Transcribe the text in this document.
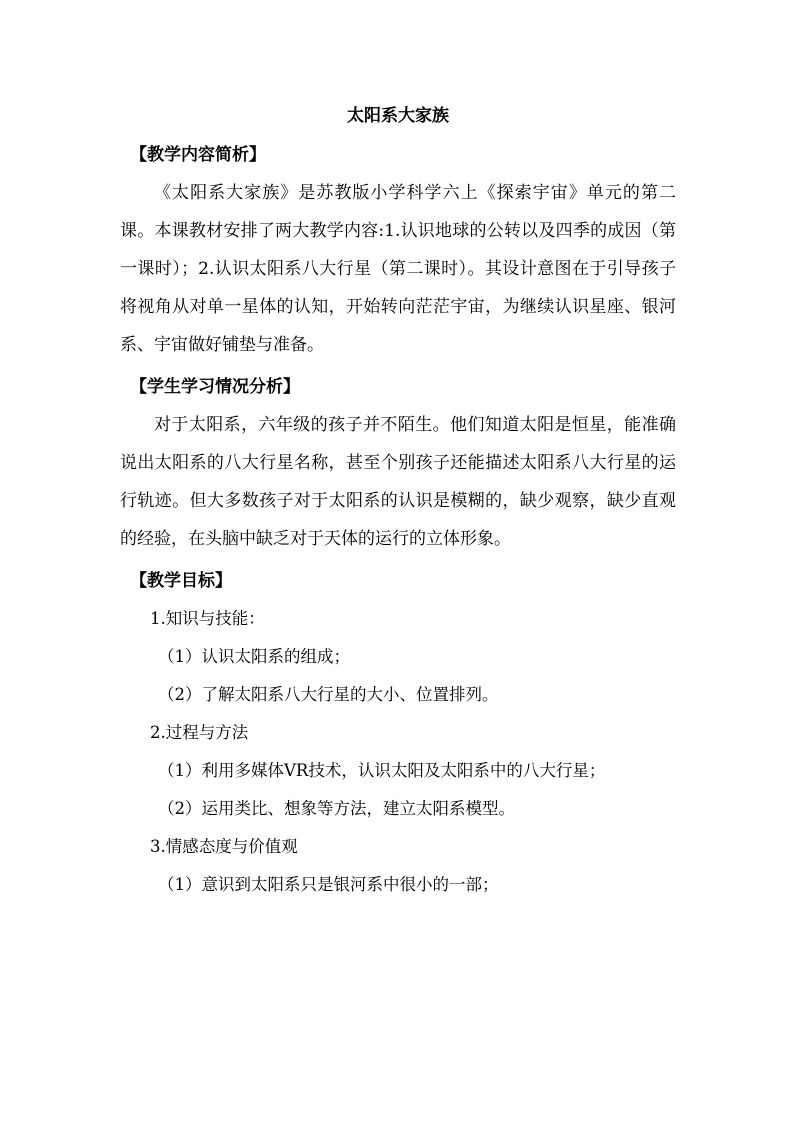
太阳系大家族

【教学内容简析】

《太阳系大家族》是苏教版小学科学六上《探索宇宙》单元的第二课。本课教材安排了两大教学内容:1.认识地球的公转以及四季的成因（第一课时）；2.认识太阳系八大行星（第二课时）。其设计意图在于引导孩子将视角从对单一星体的认知，开始转向茫茫宇宙，为继续认识星座、银河系、宇宙做好铺垫与准备。

【学生学习情况分析】

对于太阳系，六年级的孩子并不陌生。他们知道太阳是恒星，能准确说出太阳系的八大行星名称，甚至个别孩子还能描述太阳系八大行星的运行轨迹。但大多数孩子对于太阳系的认识是模糊的，缺少观察，缺少直观的经验，在头脑中缺乏对于天体的运行的立体形象。

【教学目标】

1.知识与技能：

（1）认识太阳系的组成；

（2）了解太阳系八大行星的大小、位置排列。

2.过程与方法

（1）利用多媒体VR技术，认识太阳及太阳系中的八大行星；

（2）运用类比、想象等方法，建立太阳系模型。

3.情感态度与价值观

（1）意识到太阳系只是银河系中很小的一部；
